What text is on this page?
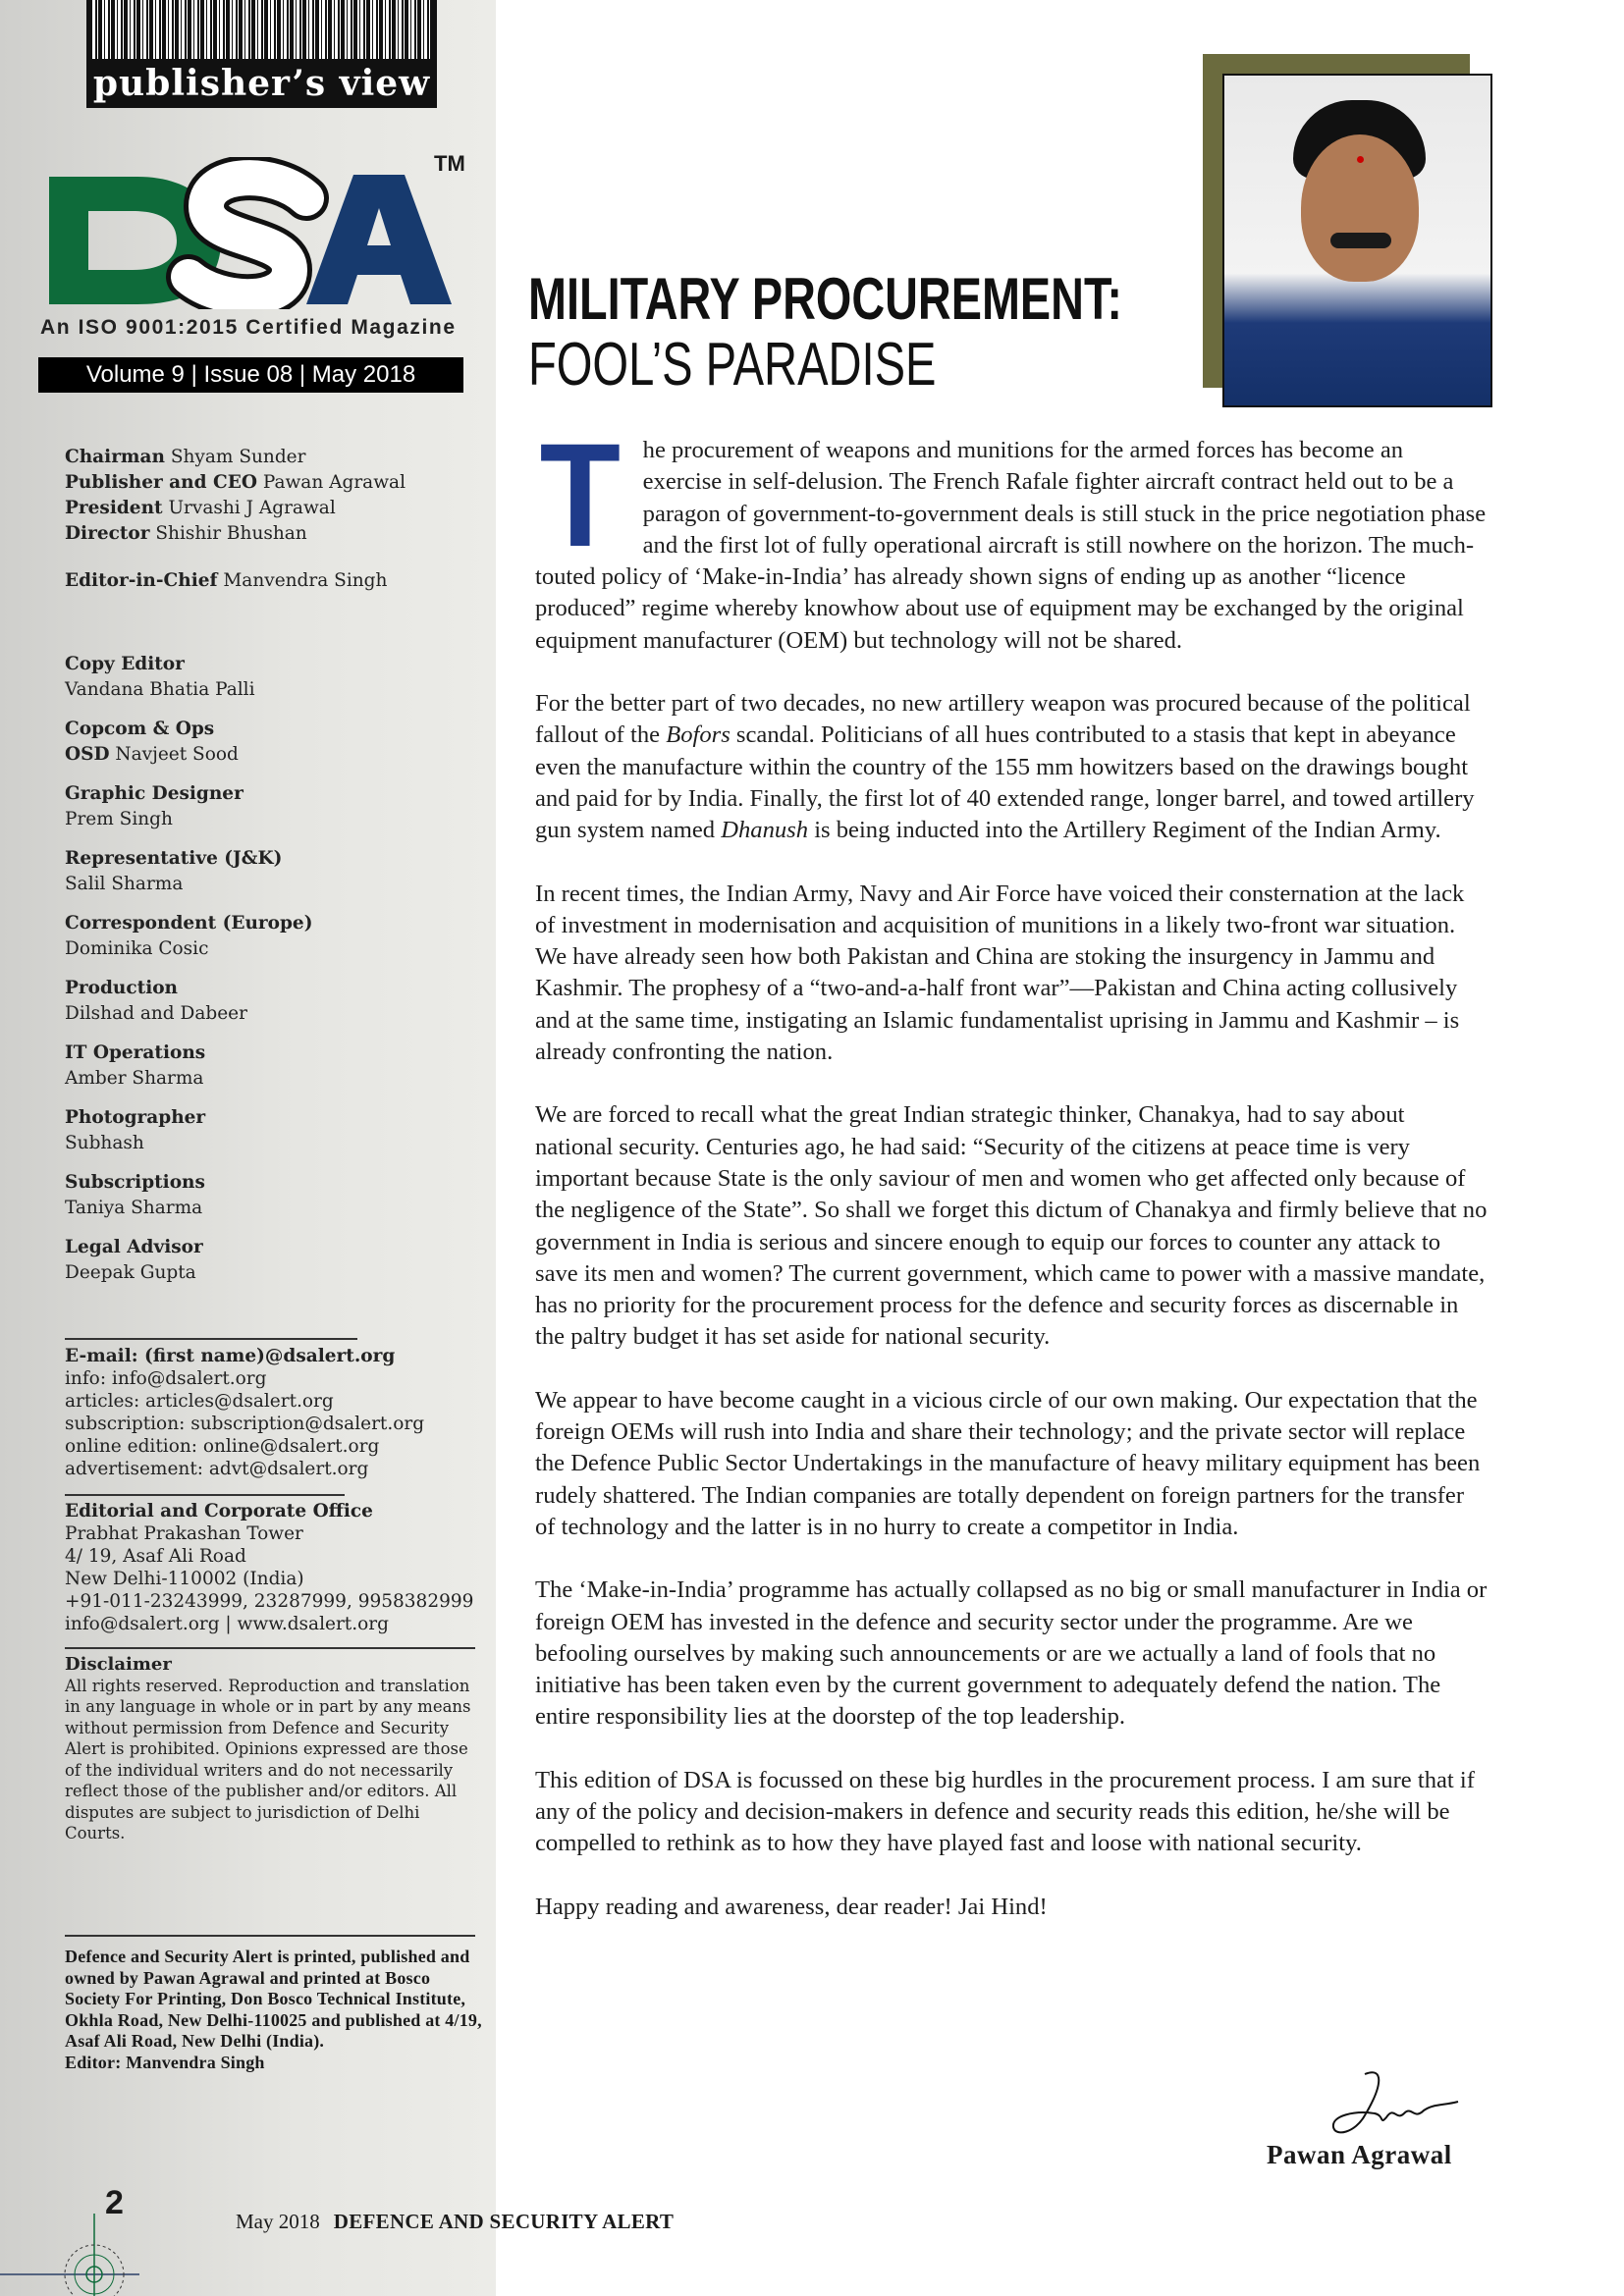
publisher’s view
TM
An ISO 9001:2015 Certified Magazine
Volume 9 | Issue 08 | May 2018
Chairman Shyam Sunder
Publisher and CEO Pawan Agrawal
President Urvashi J Agrawal
Director Shishir Bhushan
Editor-in-Chief Manvendra Singh
Copy Editor
Vandana Bhatia Palli
Copcom & Ops
OSD Navjeet Sood
Graphic Designer
Prem Singh
Representative (J&K)
Salil Sharma
Correspondent (Europe)
Dominika Cosic
Production
Dilshad and Dabeer
IT Operations
Amber Sharma
Photographer
Subhash
Subscriptions
Taniya Sharma
Legal Advisor
Deepak Gupta
E-mail: (first name)@dsalert.org
info: info@dsalert.org
articles: articles@dsalert.org
subscription: subscription@dsalert.org
online edition: online@dsalert.org
advertisement: advt@dsalert.org
Editorial and Corporate Office
Prabhat Prakashan Tower
4/ 19, Asaf Ali Road
New Delhi-110002 (India)
+91-011-23243999, 23287999, 9958382999
info@dsalert.org | www.dsalert.org
Disclaimer
All rights reserved. Reproduction and translation in any language in whole or in part by any means without permission from Defence and Security Alert is prohibited. Opinions expressed are those of the individual writers and do not necessarily reflect those of the publisher and/or editors. All disputes are subject to jurisdiction of Delhi Courts.
Defence and Security Alert is printed, published and owned by Pawan Agrawal and printed at Bosco Society For Printing, Don Bosco Technical Institute, Okhla Road, New Delhi-110025 and published at 4/19, Asaf Ali Road, New Delhi (India).
Editor: Manvendra Singh
MILITARY PROCUREMENT:
FOOL’S PARADISE

The procurement of weapons and munitions for the armed forces has become an exercise in self-delusion. The French Rafale fighter aircraft contract held out to be a paragon of government-to-government deals is still stuck in the price negotiation phase and the first lot of fully operational aircraft is still nowhere on the horizon. The much-touted policy of ‘Make-in-India’ has already shown signs of ending up as another “licence produced” regime whereby knowhow about use of equipment may be exchanged by the original equipment manufacturer (OEM) but technology will not be shared.

For the better part of two decades, no new artillery weapon was procured because of the political fallout of the Bofors scandal. Politicians of all hues contributed to a stasis that kept in abeyance even the manufacture within the country of the 155 mm howitzers based on the drawings bought and paid for by India. Finally, the first lot of 40 extended range, longer barrel, and towed artillery gun system named Dhanush is being inducted into the Artillery Regiment of the Indian Army.

In recent times, the Indian Army, Navy and Air Force have voiced their consternation at the lack of investment in modernisation and acquisition of munitions in a likely two-front war situation. We have already seen how both Pakistan and China are stoking the insurgency in Jammu and Kashmir. The prophesy of a “two-and-a-half front war”—Pakistan and China acting collusively and at the same time, instigating an Islamic fundamentalist uprising in Jammu and Kashmir – is already confronting the nation.

We are forced to recall what the great Indian strategic thinker, Chanakya, had to say about national security. Centuries ago, he had said: “Security of the citizens at peace time is very important because State is the only saviour of men and women who get affected only because of the negligence of the State”. So shall we forget this dictum of Chanakya and firmly believe that no government in India is serious and sincere enough to equip our forces to counter any attack to save its men and women? The current government, which came to power with a massive mandate, has no priority for the procurement process for the defence and security forces as discernable in the paltry budget it has set aside for national security.

We appear to have become caught in a vicious circle of our own making. Our expectation that the foreign OEMs will rush into India and share their technology; and the private sector will replace the Defence Public Sector Undertakings in the manufacture of heavy military equipment has been rudely shattered. The Indian companies are totally dependent on foreign partners for the transfer of technology and the latter is in no hurry to create a competitor in India.

The ‘Make-in-India’ programme has actually collapsed as no big or small manufacturer in India or foreign OEM has invested in the defence and security sector under the programme. Are we befooling ourselves by making such announcements or are we actually a land of fools that no initiative has been taken even by the current government to adequately defend the nation. The entire responsibility lies at the doorstep of the top leadership.

This edition of DSA is focussed on these big hurdles in the procurement process. I am sure that if any of the policy and decision-makers in defence and security reads this edition, he/she will be compelled to rethink as to how they have played fast and loose with national security.

Happy reading and awareness, dear reader! Jai Hind!

Pawan Agrawal
2	May 2018 DEFENCE AND SECURITY ALERT
